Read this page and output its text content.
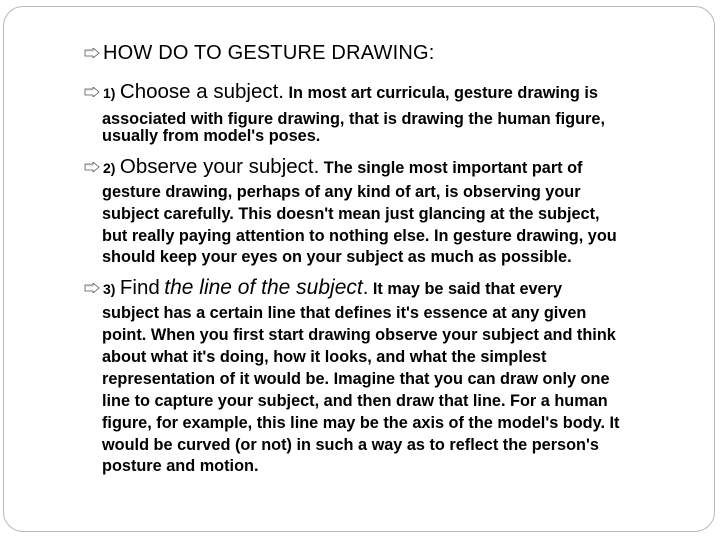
HOW DO TO GESTURE DRAWING:
1) Choose a subject. In most art curricula, gesture drawing is
associated with figure drawing, that is drawing the human figure,
usually from model's poses.
2) Observe your subject. The single most important part of
gesture drawing, perhaps of any kind of art, is observing your
subject carefully. This doesn't mean just glancing at the subject,
but really paying attention to nothing else. In gesture drawing, you
should keep your eyes on your subject as much as possible.
3) Find the line of the subject. It may be said that every
subject has a certain line that defines it's essence at any given
point. When you first start drawing observe your subject and think
about what it's doing, how it looks, and what the simplest
representation of it would be. Imagine that you can draw only one
line to capture your subject, and then draw that line. For a human
figure, for example, this line may be the axis of the model's body. It
would be curved (or not) in such a way as to reflect the person's
posture and motion.
